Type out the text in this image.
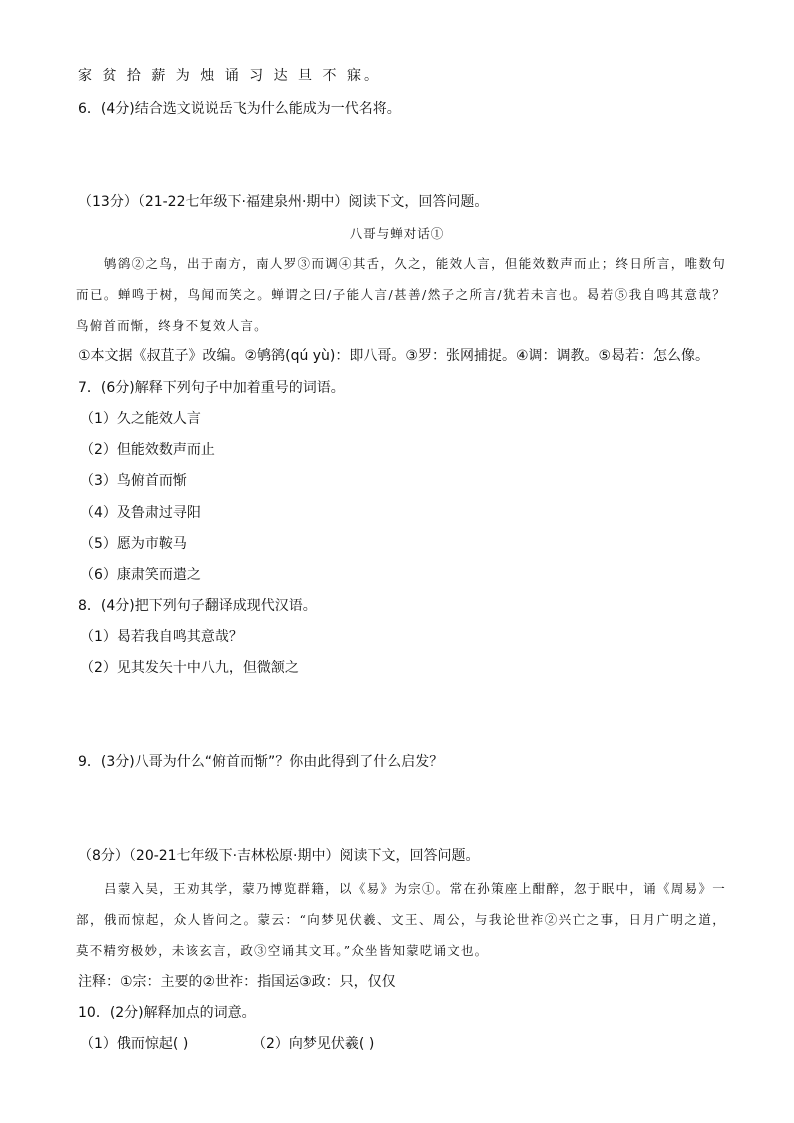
家 贫 拾 薪 为 烛 诵 习 达 旦 不 寐。
6．(4分)结合选文说说岳飞为什么能成为一代名将。
（13分）（21-22七年级下·福建泉州·期中）阅读下文，回答问题。
八哥与蝉对话①
鸲鹆②之鸟，出于南方，南人罗③而调④其舌，久之，能效人言，但能效数声而止；终日所言，唯数句而已。蝉鸣于树，鸟闻而笑之。蝉谓之曰/子能人言/甚善/然子之所言/犹若未言也。曷若⑤我自鸣其意哉？鸟俯首而惭，终身不复效人言。
①本文据《叔苴子》改编。②鸲鹆(qú yù)：即八哥。③罗：张网捕捉。④调：调教。⑤曷若：怎么像。
7．(6分)解释下列句子中加着重号的词语。
（1）久之能效人言
（2）但能效数声而止
（3）鸟俯首而惭
（4）及鲁肃过寻阳
（5）愿为市鞍马
（6）康肃笑而遣之
8．(4分)把下列句子翻译成现代汉语。
（1）曷若我自鸣其意哉？
（2）见其发矢十中八九，但微颔之
9．(3分)八哥为什么“俯首而惭”？你由此得到了什么启发？
（8分）（20-21七年级下·吉林松原·期中）阅读下文，回答问题。
吕蒙入吴，王劝其学，蒙乃博览群籍，以《易》为宗①。常在孙策座上酣醉，忽于眠中，诵《周易》一部，俄而惊起，众人皆问之。蒙云：“向梦见伏羲、文王、周公，与我论世祚②兴亡之事，日月广明之道，莫不精穷极妙，未该玄言，政③空诵其文耳。”众坐皆知蒙呓诵文也。
注释：①宗：主要的②世祚：指国运③政：只，仅仅
10．(2分)解释加点的词意。
（1）俄而惊起( )	（2）向梦见伏羲( )
